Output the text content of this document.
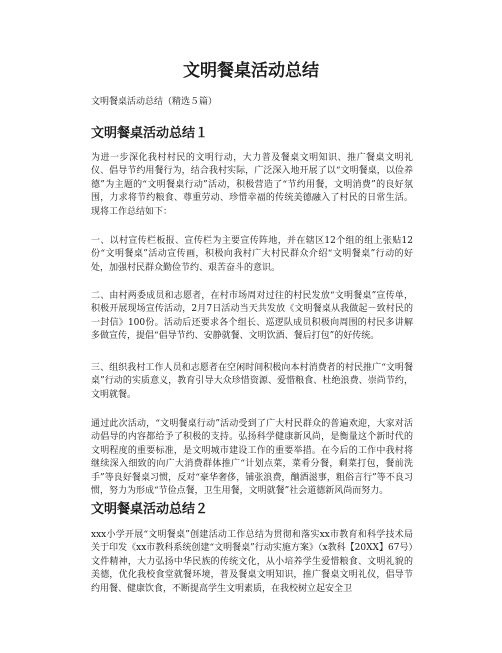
文明餐桌活动总结
文明餐桌活动总结（精选５篇）
文明餐桌活动总结１

为进一步深化我村村民的文明行动，大力普及餐桌文明知识、推广餐桌文明礼仪、倡导节约用餐行为，结合我村实际，广泛深入地开展了以“文明餐桌，以俭养德”为主题的“文明餐桌行动”活动，积极营造了“节约用餐，文明消费”的良好氛围，力求将节约粮食、尊重劳动、珍惜幸福的传统美德融入了村民的日常生活。现将工作总结如下：

一、以村宣传栏板报、宣传栏为主要宣传阵地，并在辖区12个组的组上张贴12份“文明餐桌”活动宣传画，积极向我村广大村民群众介绍“文明餐桌”行动的好处，加强村民群众勤俭节约、艰苦奋斗的意识。

二、由村两委成员和志愿者，在村市场周对过往的村民发放“文明餐桌”宣传单，积极开展现场宣传活动，2月7日活动当天共发放《文明餐桌从我做起－致村民的一封信》100份。活动后还要求各个组长、巡逻队成员积极向周围的村民多讲解多做宣传，提倡“倡导节约、安静就餐、文明饮酒、餐后打包”的好传统。

三、组织我村工作人员和志愿者在空闲时间积极向本村消费者的村民推广“文明餐桌”行动的实质意义，教育引导大众珍惜资源、爱惜粮食、杜绝浪费、崇尚节约，文明就餐。

通过此次活动，“文明餐桌行动”活动受到了广大村民群众的普遍欢迎，大家对活动倡导的内容都给予了积极的支持。弘扬科学健康新风尚，是衡量这个新时代的文明程度的重要标准，是文明城市建设工作的重要举措。在今后的工作中我村将继续深入细致的向广大消费群体推广“计划点菜，菜肴分餐，剩菜打包，餐前洗手”等良好餐桌习惯，反对“豪华奢侈，铺张浪费，酗酒滋事，粗俗言行”等不良习惯，努力为形成“节俭点餐，卫生用餐，文明就餐”社会道德新风尚而努力。

文明餐桌活动总结２

xxx小学开展“文明餐桌”创建活动工作总结为贯彻和落实xx市教育和科学技术局关于印发《xx市教科系统创建“文明餐桌”行动实施方案》（x教科【20XX】67号）文件精神，大力弘扬中华民族的传统文化，从小培养学生爱惜粮食、文明礼貌的美德，优化我校食堂就餐环境，普及餐桌文明知识，推广餐桌文明礼仪，倡导节约用餐、健康饮食，不断提高学生文明素质，在我校树立起安全卫
